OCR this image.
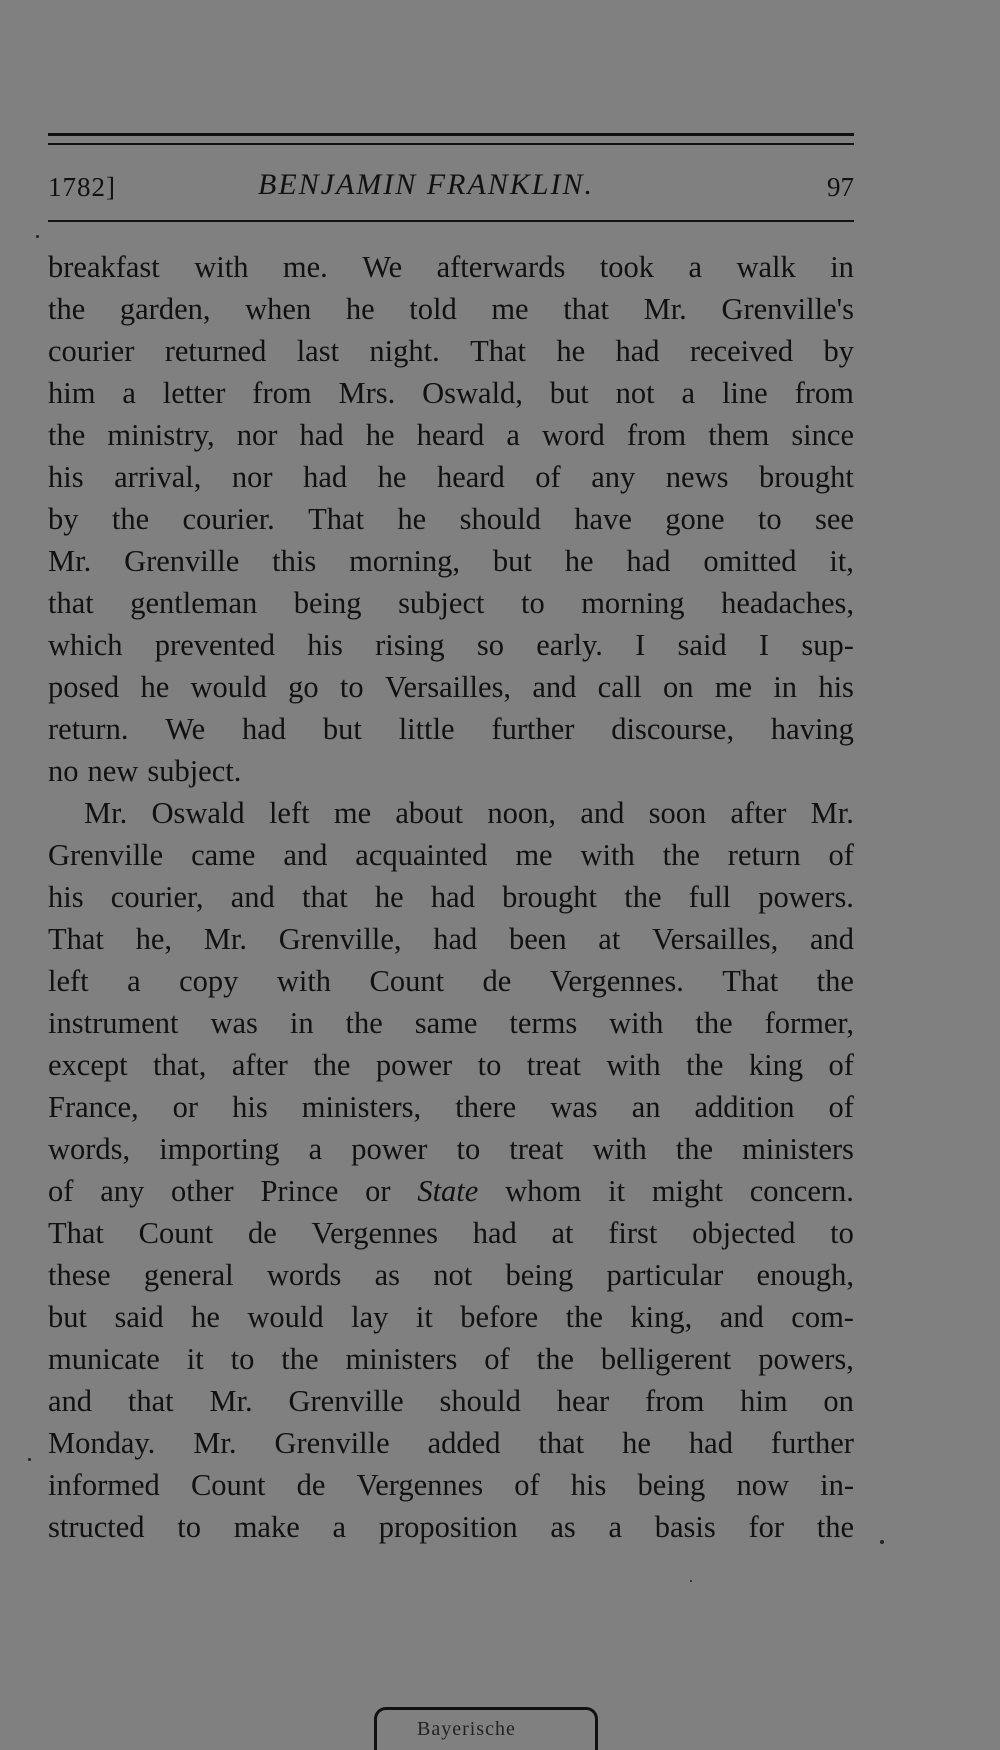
1782]	BENJAMIN FRANKLIN.	97
breakfast with me. We afterwards took a walk in
the garden, when he told me that Mr. Grenville's
courier returned last night. That he had received by
him a letter from Mrs. Oswald, but not a line from
the ministry, nor had he heard a word from them since
his arrival, nor had he heard of any news brought
by the courier. That he should have gone to see
Mr. Grenville this morning, but he had omitted it,
that gentleman being subject to morning headaches,
which prevented his rising so early. I said I sup-
posed he would go to Versailles, and call on me in his
return. We had but little further discourse, having
no new subject.
Mr. Oswald left me about noon, and soon after Mr.
Grenville came and acquainted me with the return of
his courier, and that he had brought the full powers.
That he, Mr. Grenville, had been at Versailles, and
left a copy with Count de Vergennes. That the
instrument was in the same terms with the former,
except that, after the power to treat with the king of
France, or his ministers, there was an addition of
words, importing a power to treat with the ministers
of any other Prince or State whom it might concern.
That Count de Vergennes had at first objected to
these general words as not being particular enough,
but said he would lay it before the king, and com-
municate it to the ministers of the belligerent powers,
and that Mr. Grenville should hear from him on
Monday. Mr. Grenville added that he had further
informed Count de Vergennes of his being now in-
structed to make a proposition as a basis for the
Bayerische
